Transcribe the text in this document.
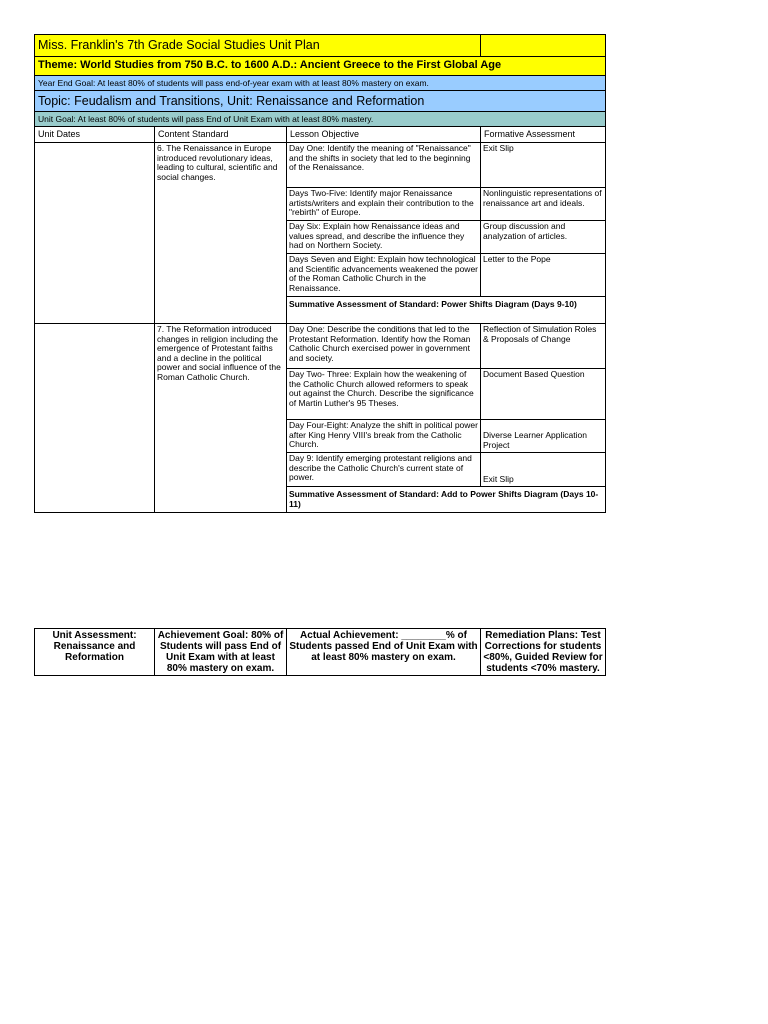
Miss. Franklin's 7th Grade Social Studies Unit Plan			
Theme: World Studies from 750 B.C. to 1600 A.D.: Ancient Greece to the First Global Age			
Year End Goal: At least 80% of students will pass end-of-year exam with at least 80% mastery on exam.			
Topic: Feudalism and Transitions, Unit: Renaissance and Reformation			
Unit Goal: At least 80% of students will pass End of Unit Exam with at least 80% mastery.			
Unit Dates	Content Standard	Lesson Objective	Formative Assessment
	6. The Renaissance in Europe introduced revolutionary ideas, leading to cultural, scientific and social changes.	Day One: Identify the meaning of "Renaissance" and the shifts in society that led to the beginning of the Renaissance.	Exit Slip
		Days Two-Five: Identify major Renaissance artists/writers and explain their contribution to the "rebirth" of Europe.	Nonlinguistic representations of renaissance art and ideals.
		Day Six: Explain how Renaissance ideas and values spread, and describe the influence they had on Northern Society.	Group discussion and analyzation of articles.
		Days Seven and Eight: Explain how technological and Scientific advancements weakened the power of the Roman Catholic Church in the Renaissance.	Letter to the Pope
		Summative Assessment of Standard: Power Shifts Diagram (Days 9-10)	
	7. The Reformation introduced changes in religion including the emergence of Protestant faiths and a decline in the political power and social influence of the Roman Catholic Church.	Day One: Describe the conditions that led to the Protestant Reformation. Identify how the Roman Catholic Church exercised power in government and society.	Reflection of Simulation Roles & Proposals of Change
		Day Two- Three: Explain how the weakening of the Catholic Church allowed reformers to speak out against the Church. Describe the significance of Martin Luther's 95 Theses.	Document Based Question
		Day Four-Eight: Analyze the shift in political power after King Henry VIII's break from the Catholic Church.	Diverse Learner Application Project
		Day 9: Identify emerging protestant religions and describe the Catholic Church's current state of power.	Exit Slip
		Summative Assessment of Standard: Add to Power Shifts Diagram (Days 10-11)	
Unit Assessment: Renaissance and Reformation	Achievement Goal: 80% of Students will pass End of Unit Exam with at least 80% mastery on exam.	Actual Achievement: ________% of Students passed End of Unit Exam with at least 80% mastery on exam.	Remediation Plans: Test Corrections for students <80%, Guided Review for students <70% mastery.
